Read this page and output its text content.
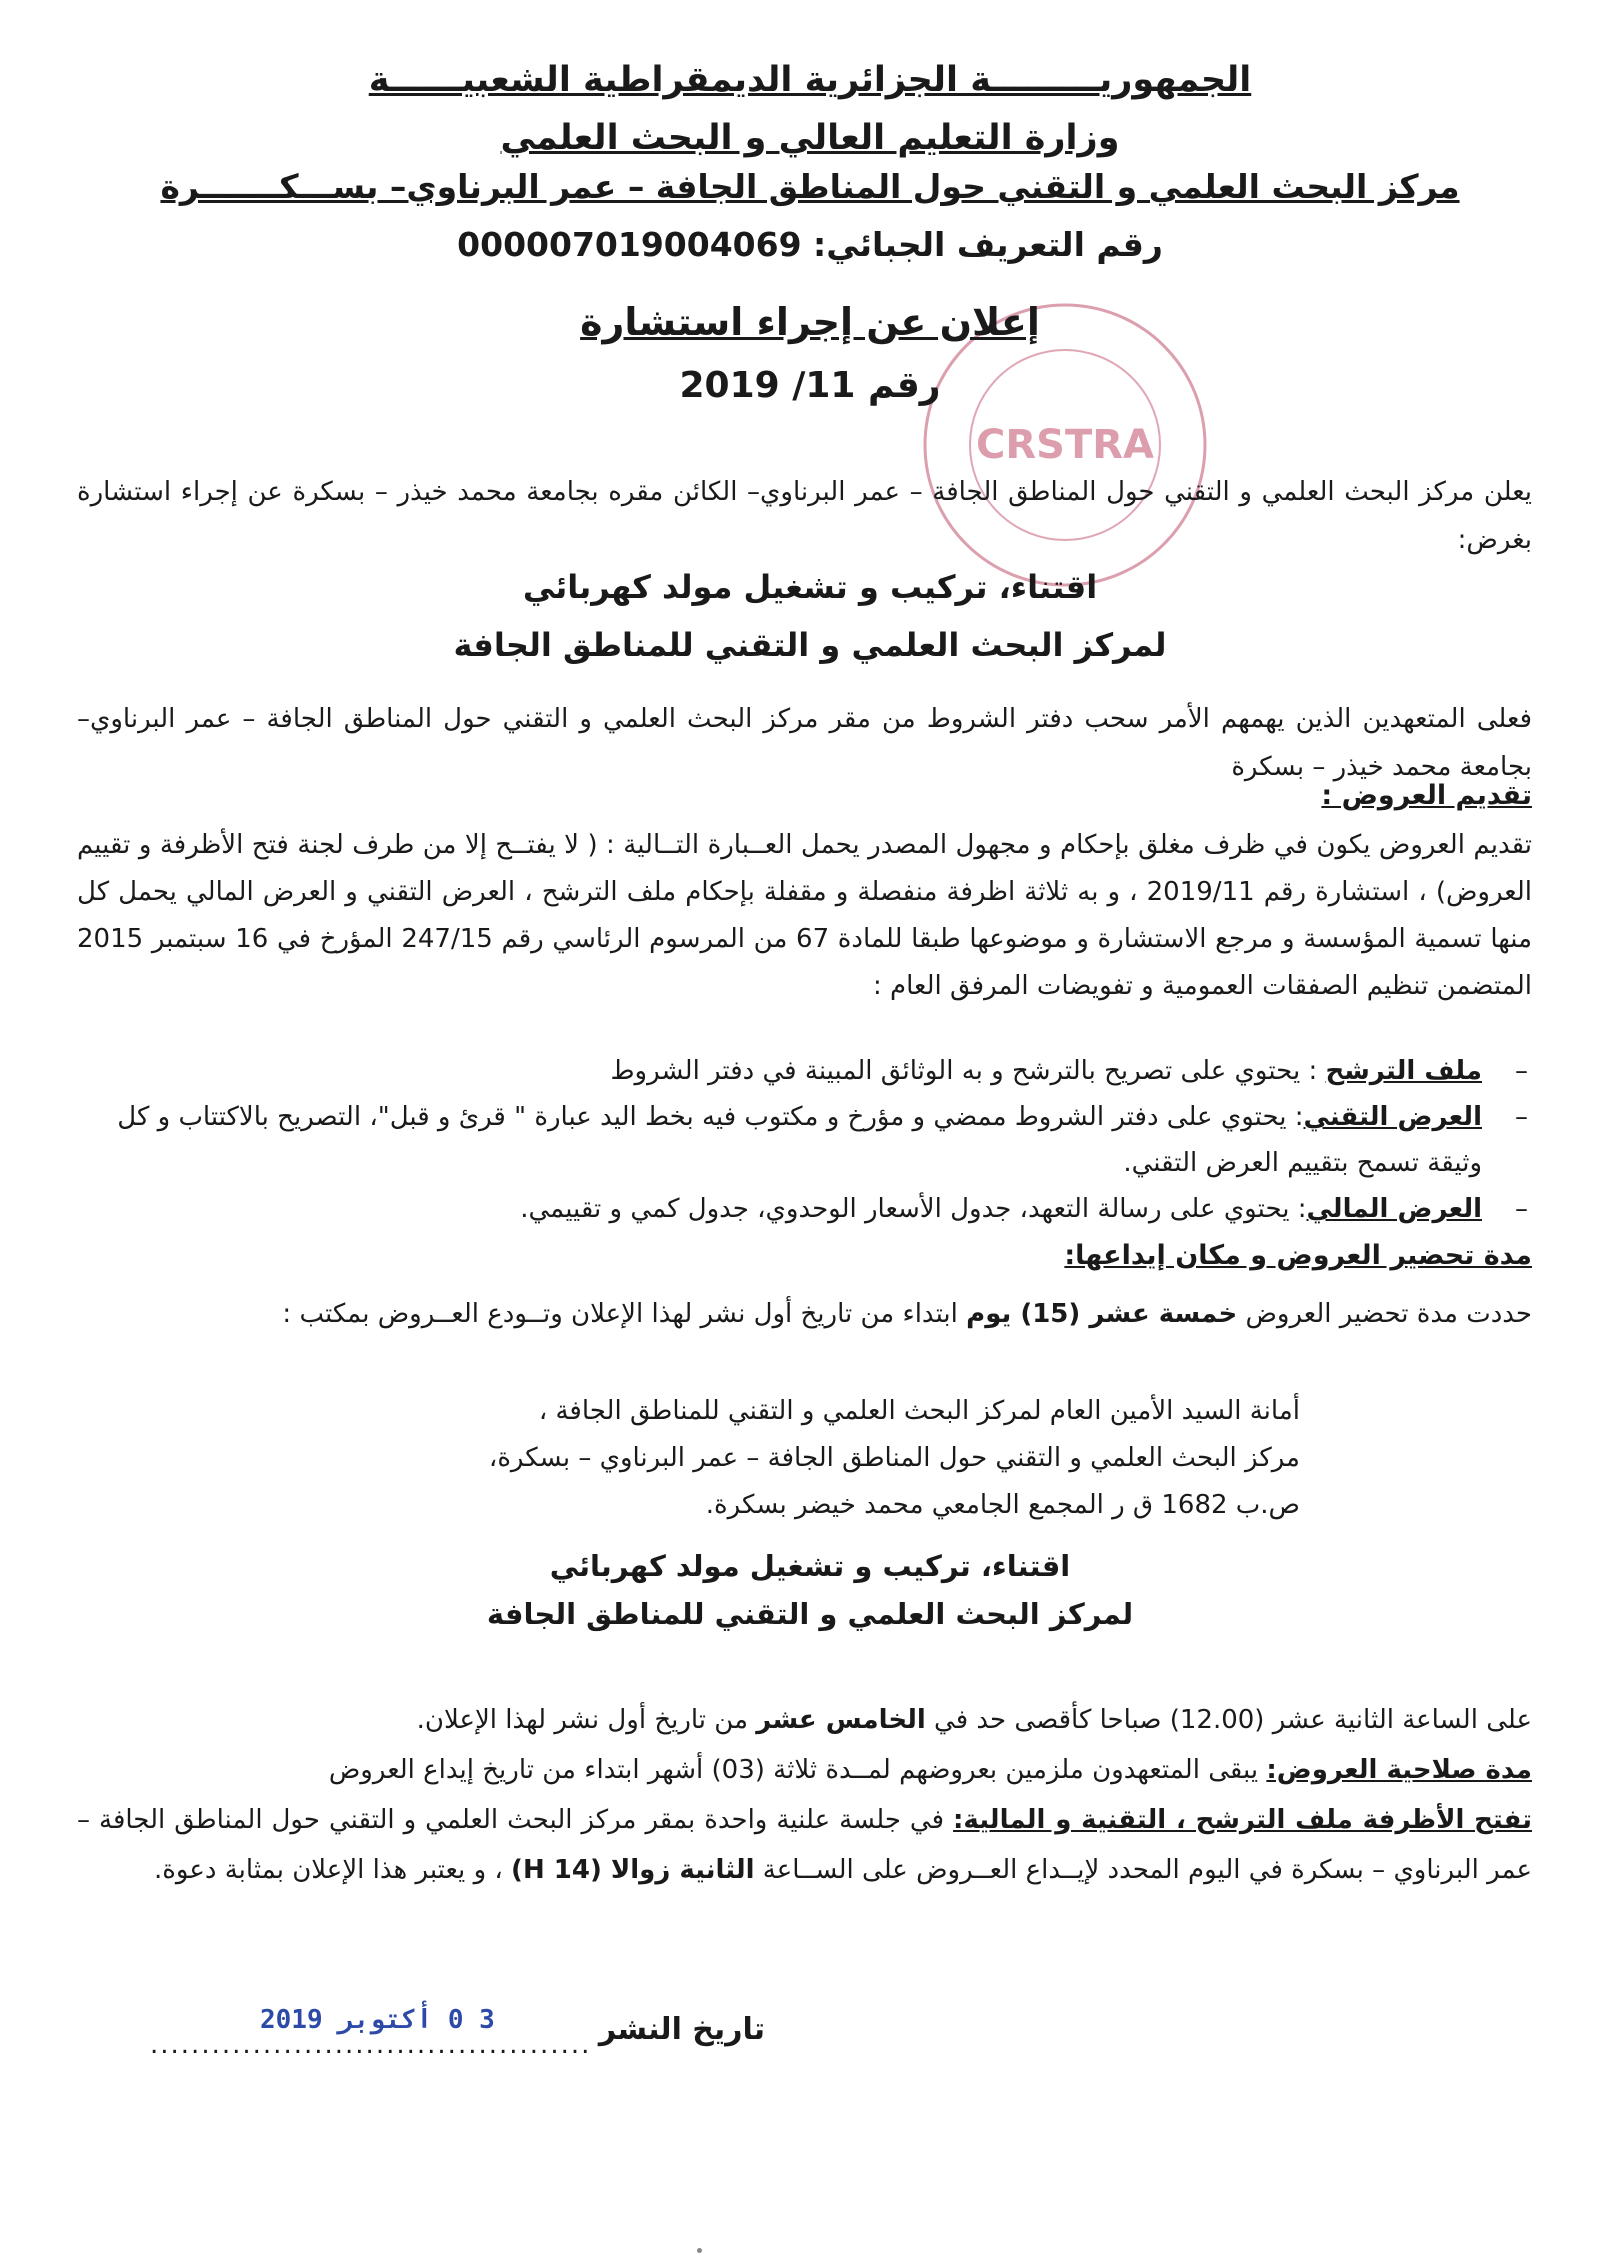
الجمهوريـــــــــة الجزائرية الديمقراطية الشعبيــــــة
وزارة التعليم العالي و البحث العلمي
مركز البحث العلمي و التقني حول المناطق الجافة – عمر البرناوي– بســـكـــــــرة
رقم التعريف الجبائي: 000007019004069
CRSTRA
إعلان عن إجراء استشارة
رقم 11/ 2019
يعلن مركز البحث العلمي و التقني حول المناطق الجافة – عمر البرناوي– الكائن مقره بجامعة محمد خيذر – بسكرة عن إجراء استشارة بغرض:
اقتناء، تركيب و تشغيل مولد كهربائي
لمركز البحث العلمي و التقني للمناطق الجافة
فعلى المتعهدين الذين يهمهم الأمر سحب دفتر الشروط من مقر مركز البحث العلمي و التقني حول المناطق الجافة – عمر البرناوي– بجامعة محمد خيذر – بسكرة
تقديم العروض :
تقديم العروض يكون في ظرف مغلق بإحكام و مجهول المصدر يحمل العــبارة التــالية : ( لا يفتــح إلا من طرف لجنة فتح الأظرفة و تقييم العروض) ، استشارة رقم 2019/11 ، و به ثلاثة اظرفة منفصلة و مقفلة بإحكام ملف الترشح ، العرض التقني و العرض المالي يحمل كل منها تسمية المؤسسة و مرجع الاستشارة و موضوعها طبقا للمادة 67 من المرسوم الرئاسي رقم 247/15 المؤرخ في 16 سبتمبر 2015 المتضمن تنظيم الصفقات العمومية و تفويضات المرفق العام :
–
ملف الترشح : يحتوي على تصريح بالترشح و به الوثائق المبينة في دفتر الشروط
–
العرض التقني: يحتوي على دفتر الشروط ممضي و مؤرخ و مكتوب فيه بخط اليد عبارة " قرئ و قبل"، التصريح بالاكتتاب و كل وثيقة تسمح بتقييم العرض التقني.
–
العرض المالي: يحتوي على رسالة التعهد، جدول الأسعار الوحدوي، جدول كمي و تقييمي.
مدة تحضير العروض و مكان إيداعها:
حددت مدة تحضير العروض خمسة عشر (15) يوم ابتداء من تاريخ أول نشر لهذا الإعلان وتــودع العــروض بمكتب :
أمانة السيد الأمين العام لمركز البحث العلمي و التقني للمناطق الجافة ،
مركز البحث العلمي و التقني حول المناطق الجافة – عمر البرناوي – بسكرة،
ص.ب 1682 ق ر المجمع الجامعي محمد خيضر بسكرة.
اقتناء، تركيب و تشغيل مولد كهربائي
لمركز البحث العلمي و التقني للمناطق الجافة
على الساعة الثانية عشر (12.00) صباحا كأقصى حد في الخامس عشر من تاريخ أول نشر لهذا الإعلان.
مدة صلاحية العروض: يبقى المتعهدون ملزمين بعروضهم لمــدة ثلاثة (03) أشهر ابتداء من تاريخ إيداع العروض
تفتح الأظرفة ملف الترشح ، التقنية و المالية: في جلسة علنية واحدة بمقر مركز البحث العلمي و التقني حول المناطق الجافة – عمر البرناوي – بسكرة في اليوم المحدد لإيــداع العــروض على الســاعة الثانية زوالا (14 H) ، و يعتبر هذا الإعلان بمثابة دعوة.
تاريخ النشر
...........................................
3 0 أكتوبر 2019
